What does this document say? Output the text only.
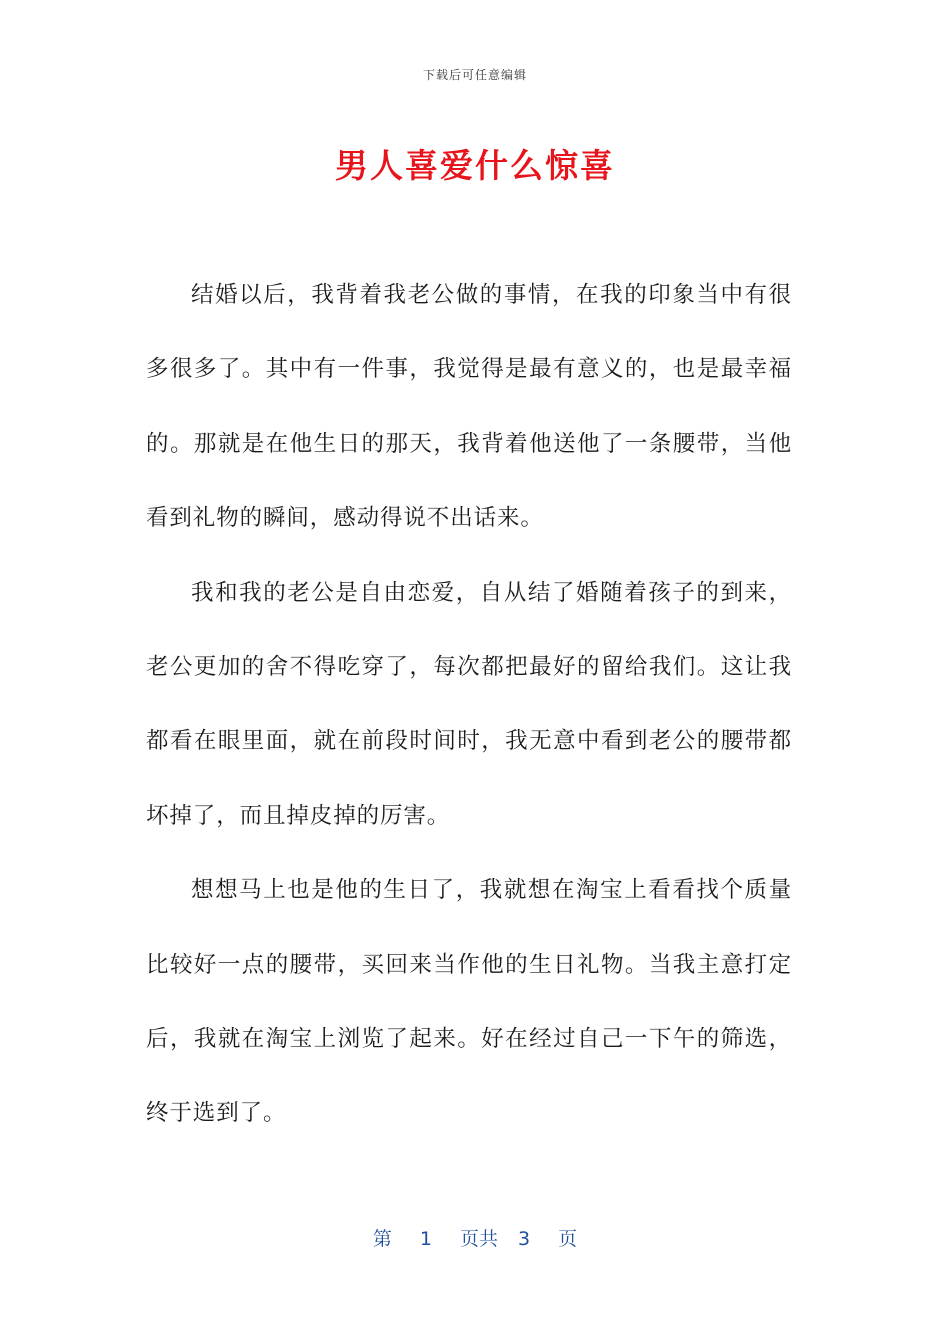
下载后可任意编辑
男人喜爱什么惊喜

结婚以后，我背着我老公做的事情，在我的印象当中有很多很多了。其中有一件事，我觉得是最有意义的，也是最幸福的。那就是在他生日的那天，我背着他送他了一条腰带，当他看到礼物的瞬间，感动得说不出话来。

我和我的老公是自由恋爱，自从结了婚随着孩子的到来，老公更加的舍不得吃穿了，每次都把最好的留给我们。这让我都看在眼里面，就在前段时间时，我无意中看到老公的腰带都坏掉了，而且掉皮掉的厉害。

想想马上也是他的生日了，我就想在淘宝上看看找个质量比较好一点的腰带，买回来当作他的生日礼物。当我主意打定后，我就在淘宝上浏览了起来。好在经过自己一下午的筛选，终于选到了。

第 1 页共 3 页
